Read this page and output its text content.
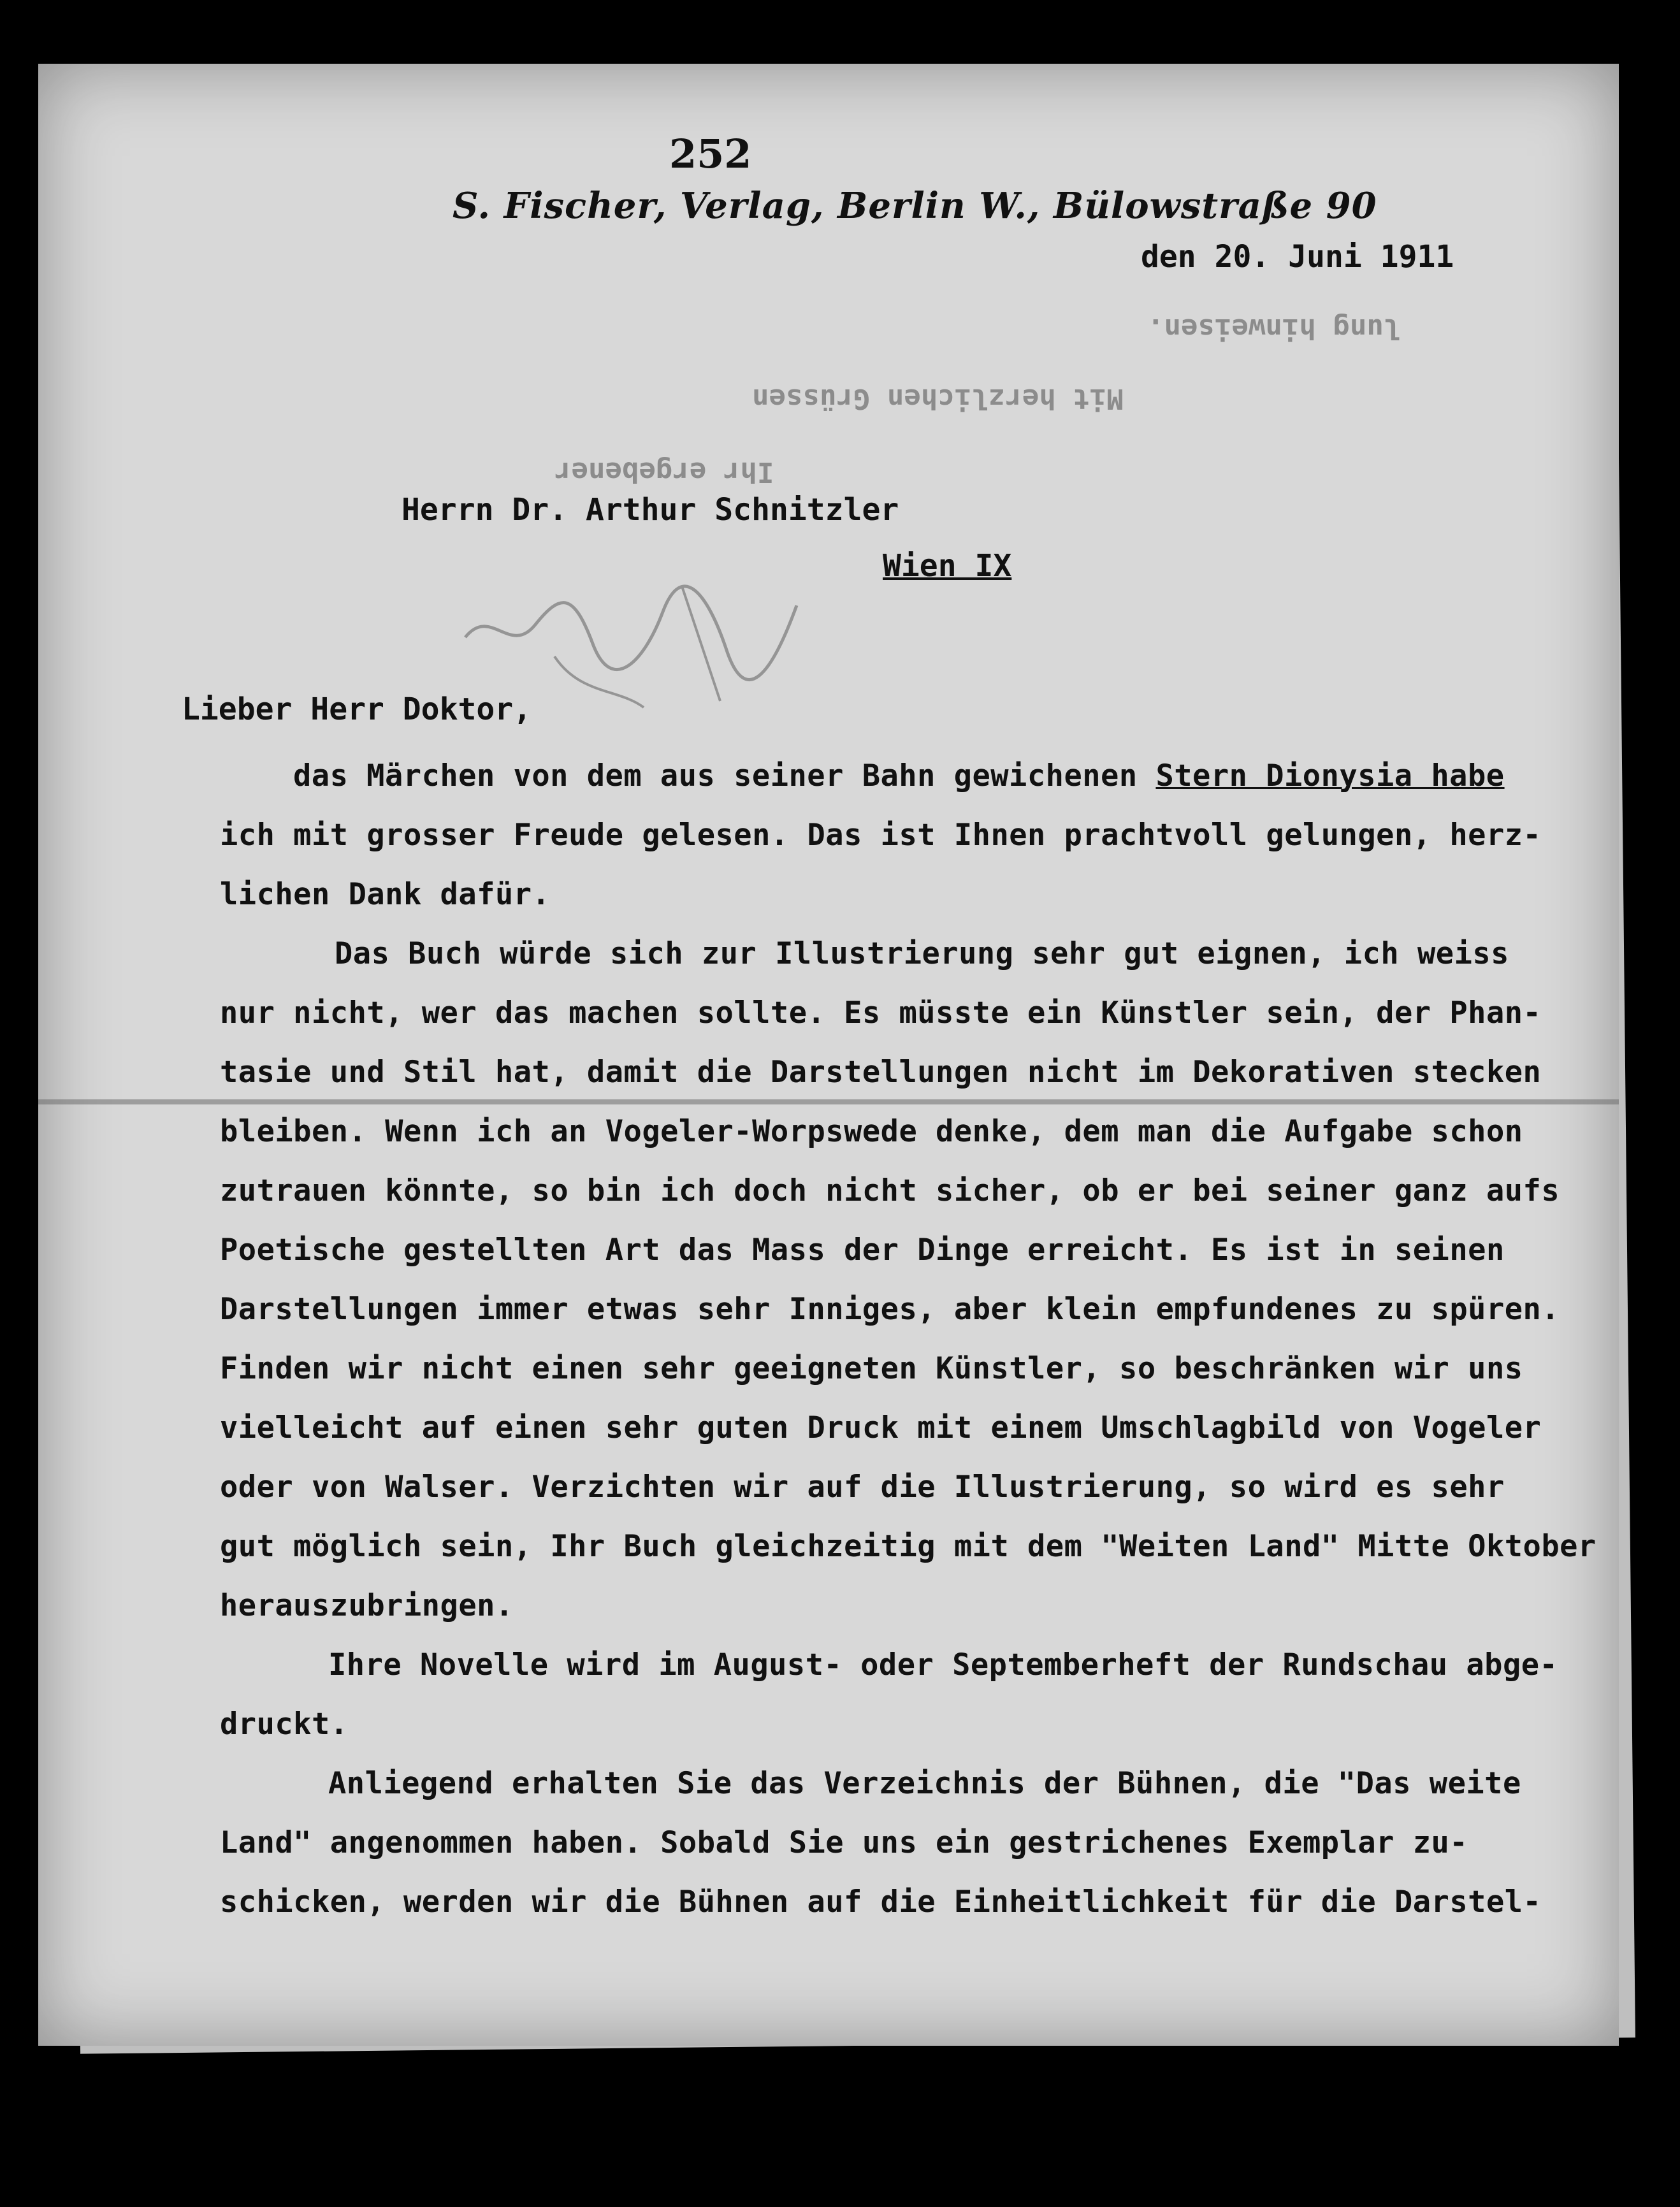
252
S. Fischer, Verlag, Berlin W., Bülowstraße 90
den 20. Juni 1911
lung hinweisen.
Mit herzlichen Grüssen
Ihr ergebener
Herrn Dr. Arthur Schnitzler
Wien IX
Lieber Herr Doktor,
das Märchen von dem aus seiner Bahn gewichenen Stern Dionysia habe
ich mit grosser Freude gelesen. Das ist Ihnen prachtvoll gelungen, herz-
lichen Dank dafür.
Das Buch würde sich zur Illustrierung sehr gut eignen, ich weiss
nur nicht, wer das machen sollte. Es müsste ein Künstler sein, der Phan-
tasie und Stil hat, damit die Darstellungen nicht im Dekorativen stecken
bleiben. Wenn ich an Vogeler-Worpswede denke, dem man die Aufgabe schon
zutrauen könnte, so bin ich doch nicht sicher, ob er bei seiner ganz aufs
Poetische gestellten Art das Mass der Dinge erreicht. Es ist in seinen
Darstellungen immer etwas sehr Inniges, aber klein empfundenes zu spüren.
Finden wir nicht einen sehr geeigneten Künstler, so beschränken wir uns
vielleicht auf einen sehr guten Druck mit einem Umschlagbild von Vogeler
oder von Walser. Verzichten wir auf die Illustrierung, so wird es sehr
gut möglich sein, Ihr Buch gleichzeitig mit dem "Weiten Land" Mitte Oktober
herauszubringen.
Ihre Novelle wird im August- oder Septemberheft der Rundschau abge-
druckt.
Anliegend erhalten Sie das Verzeichnis der Bühnen, die "Das weite
Land" angenommen haben. Sobald Sie uns ein gestrichenes Exemplar zu-
schicken, werden wir die Bühnen auf die Einheitlichkeit für die Darstel-
